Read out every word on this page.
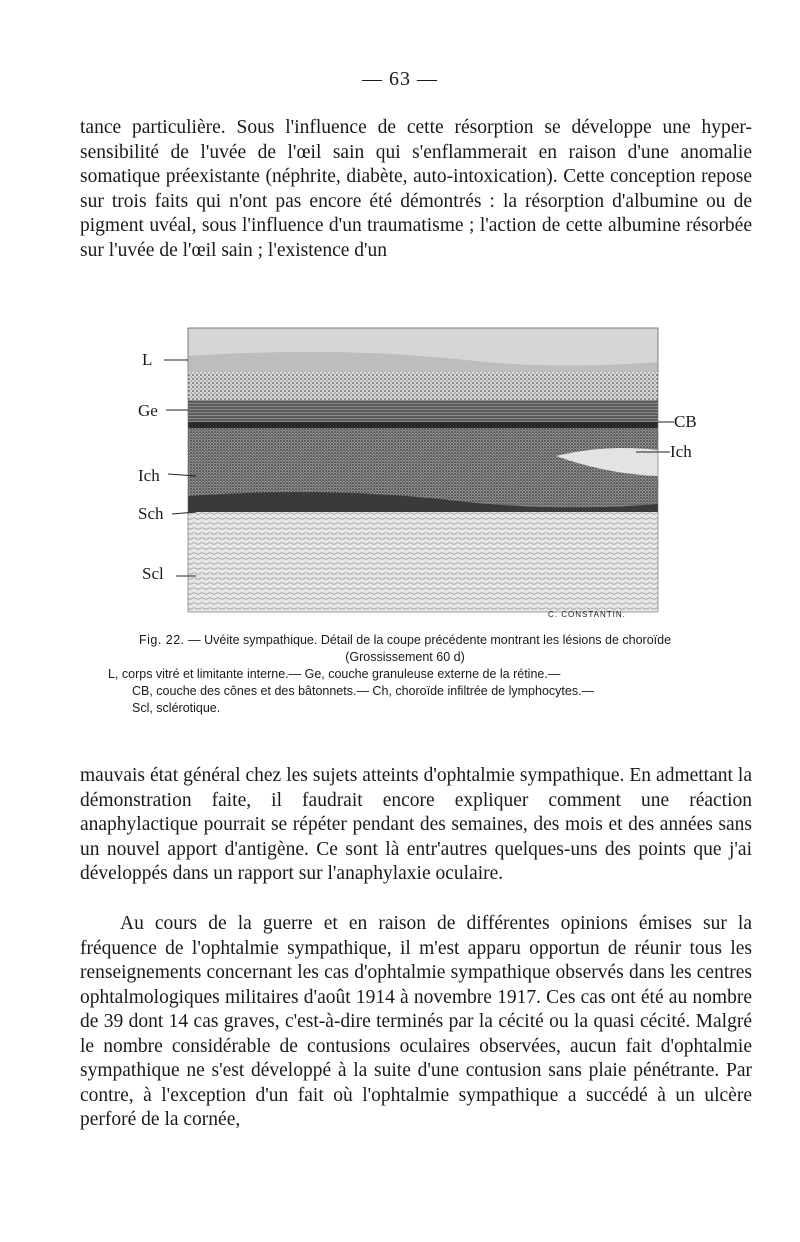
— 63 —

tance particulière. Sous l'influence de cette résorption se développe une hyper-sensibilité de l'uvée de l'œil sain qui s'enflammerait en raison d'une anomalie somatique préexistante (néphrite, diabète, auto-intoxication). Cette conception repose sur trois faits qui n'ont pas encore été démontrés : la résorption d'albumine ou de pigment uvéal, sous l'influence d'un traumatisme ; l'action de cette albumine résorbée sur l'uvée de l'œil sain ; l'existence d'un

L
Ge
Ich
Sch
Scl
CB
Ich
C. CONSTANTIN.
Fig. 22. — Uvéite sympathique. Détail de la coupe précédente montrant les lésions de choroïde (Grossissement 60 d)
L, corps vitré et limitante interne.— Ge, couche granuleuse externe de la rétine.—
CB, couche des cônes et des bâtonnets.— Ch, choroïde infiltrée de lymphocytes.—
Scl, sclérotique.

mauvais état général chez les sujets atteints d'ophtalmie sympathique. En admettant la démonstration faite, il faudrait encore expliquer comment une réaction anaphylactique pourrait se répéter pendant des semaines, des mois et des années sans un nouvel apport d'antigène. Ce sont là entr'autres quelques-uns des points que j'ai développés dans un rapport sur l'anaphylaxie oculaire.

Au cours de la guerre et en raison de différentes opinions émises sur la fréquence de l'ophtalmie sympathique, il m'est apparu opportun de réunir tous les renseignements concernant les cas d'ophtalmie sympathique observés dans les centres ophtalmologiques militaires d'août 1914 à novembre 1917. Ces cas ont été au nombre de 39 dont 14 cas graves, c'est-à-dire terminés par la cécité ou la quasi cécité. Malgré le nombre considérable de contusions oculaires observées, aucun fait d'ophtalmie sympathique ne s'est développé à la suite d'une contusion sans plaie pénétrante. Par contre, à l'exception d'un fait où l'ophtalmie sympathique a succédé à un ulcère perforé de la cornée,
